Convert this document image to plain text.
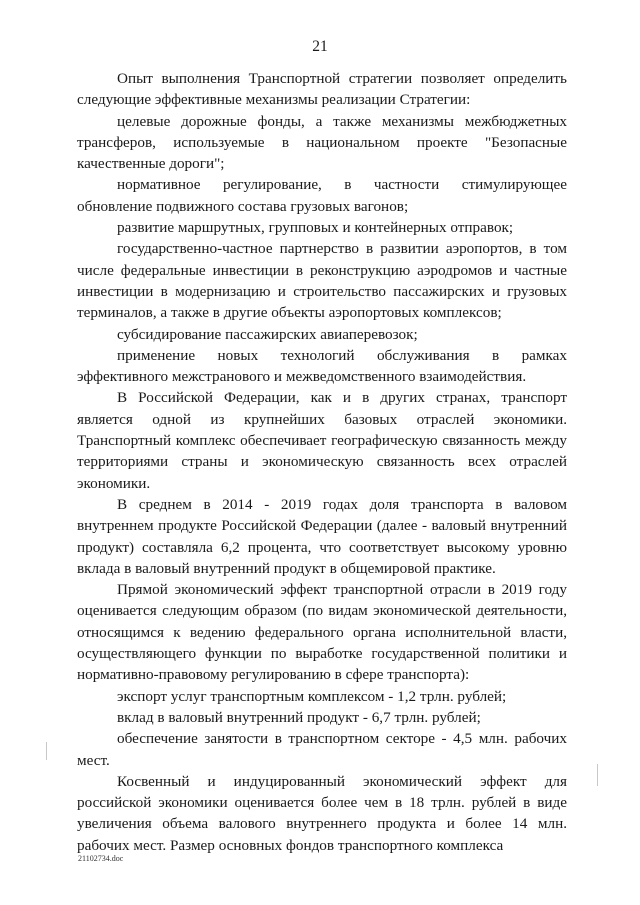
21

Опыт выполнения Транспортной стратегии позволяет определить следующие эффективные механизмы реализации Стратегии:

целевые дорожные фонды, а также механизмы межбюджетных трансферов, используемые в национальном проекте "Безопасные качественные дороги";

нормативное регулирование, в частности стимулирующее обновление подвижного состава грузовых вагонов;

развитие маршрутных, групповых и контейнерных отправок;

государственно-частное партнерство в развитии аэропортов, в том числе федеральные инвестиции в реконструкцию аэродромов и частные инвестиции в модернизацию и строительство пассажирских и грузовых терминалов, а также в другие объекты аэропортовых комплексов;

субсидирование пассажирских авиаперевозок;

применение новых технологий обслуживания в рамках эффективного межстранового и межведомственного взаимодействия.

В Российской Федерации, как и в других странах, транспорт является одной из крупнейших базовых отраслей экономики. Транспортный комплекс обеспечивает географическую связанность между территориями страны и экономическую связанность всех отраслей экономики.

В среднем в 2014 - 2019 годах доля транспорта в валовом внутреннем продукте Российской Федерации (далее - валовый внутренний продукт) составляла 6,2 процента, что соответствует высокому уровню вклада в валовый внутренний продукт в общемировой практике.

Прямой экономический эффект транспортной отрасли в 2019 году оценивается следующим образом (по видам экономической деятельности, относящимся к ведению федерального органа исполнительной власти, осуществляющего функции по выработке государственной политики и нормативно-правовому регулированию в сфере транспорта):

экспорт услуг транспортным комплексом - 1,2 трлн. рублей;

вклад в валовый внутренний продукт - 6,7 трлн. рублей;

обеспечение занятости в транспортном секторе - 4,5 млн. рабочих мест.

Косвенный и индуцированный экономический эффект для российской экономики оценивается более чем в 18 трлн. рублей в виде увеличения объема валового внутреннего продукта и более 14 млн. рабочих мест. Размер основных фондов транспортного комплекса

21102734.doc
